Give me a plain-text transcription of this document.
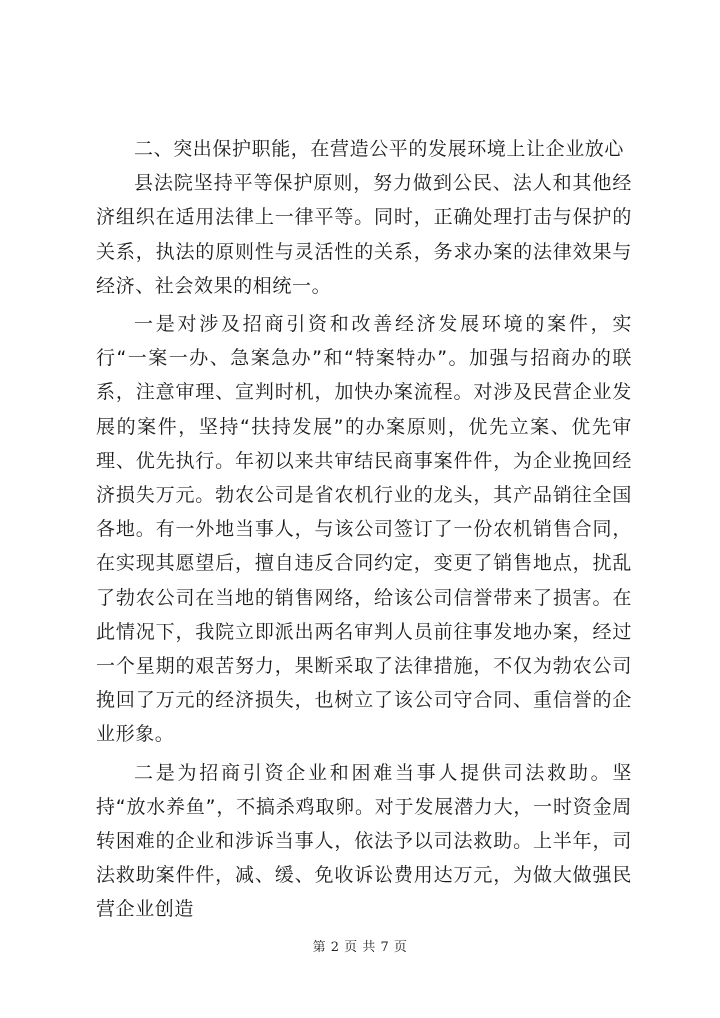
二、突出保护职能，在营造公平的发展环境上让企业放心

县法院坚持平等保护原则，努力做到公民、法人和其他经济组织在适用法律上一律平等。同时，正确处理打击与保护的关系，执法的原则性与灵活性的关系，务求办案的法律效果与经济、社会效果的相统一。

一是对涉及招商引资和改善经济发展环境的案件，实行“一案一办、急案急办”和“特案特办”。加强与招商办的联系，注意审理、宣判时机，加快办案流程。对涉及民营企业发展的案件，坚持“扶持发展”的办案原则，优先立案、优先审理、优先执行。年初以来共审结民商事案件件，为企业挽回经济损失万元。勃农公司是省农机行业的龙头，其产品销往全国各地。有一外地当事人，与该公司签订了一份农机销售合同，在实现其愿望后，擅自违反合同约定，变更了销售地点，扰乱了勃农公司在当地的销售网络，给该公司信誉带来了损害。在此情况下，我院立即派出两名审判人员前往事发地办案，经过一个星期的艰苦努力，果断采取了法律措施，不仅为勃农公司挽回了万元的经济损失，也树立了该公司守合同、重信誉的企业形象。

二是为招商引资企业和困难当事人提供司法救助。坚持“放水养鱼”，不搞杀鸡取卵。对于发展潜力大，一时资金周转困难的企业和涉诉当事人，依法予以司法救助。上半年，司法救助案件件，减、缓、免收诉讼费用达万元，为做大做强民营企业创造

第 2 页 共 7 页
